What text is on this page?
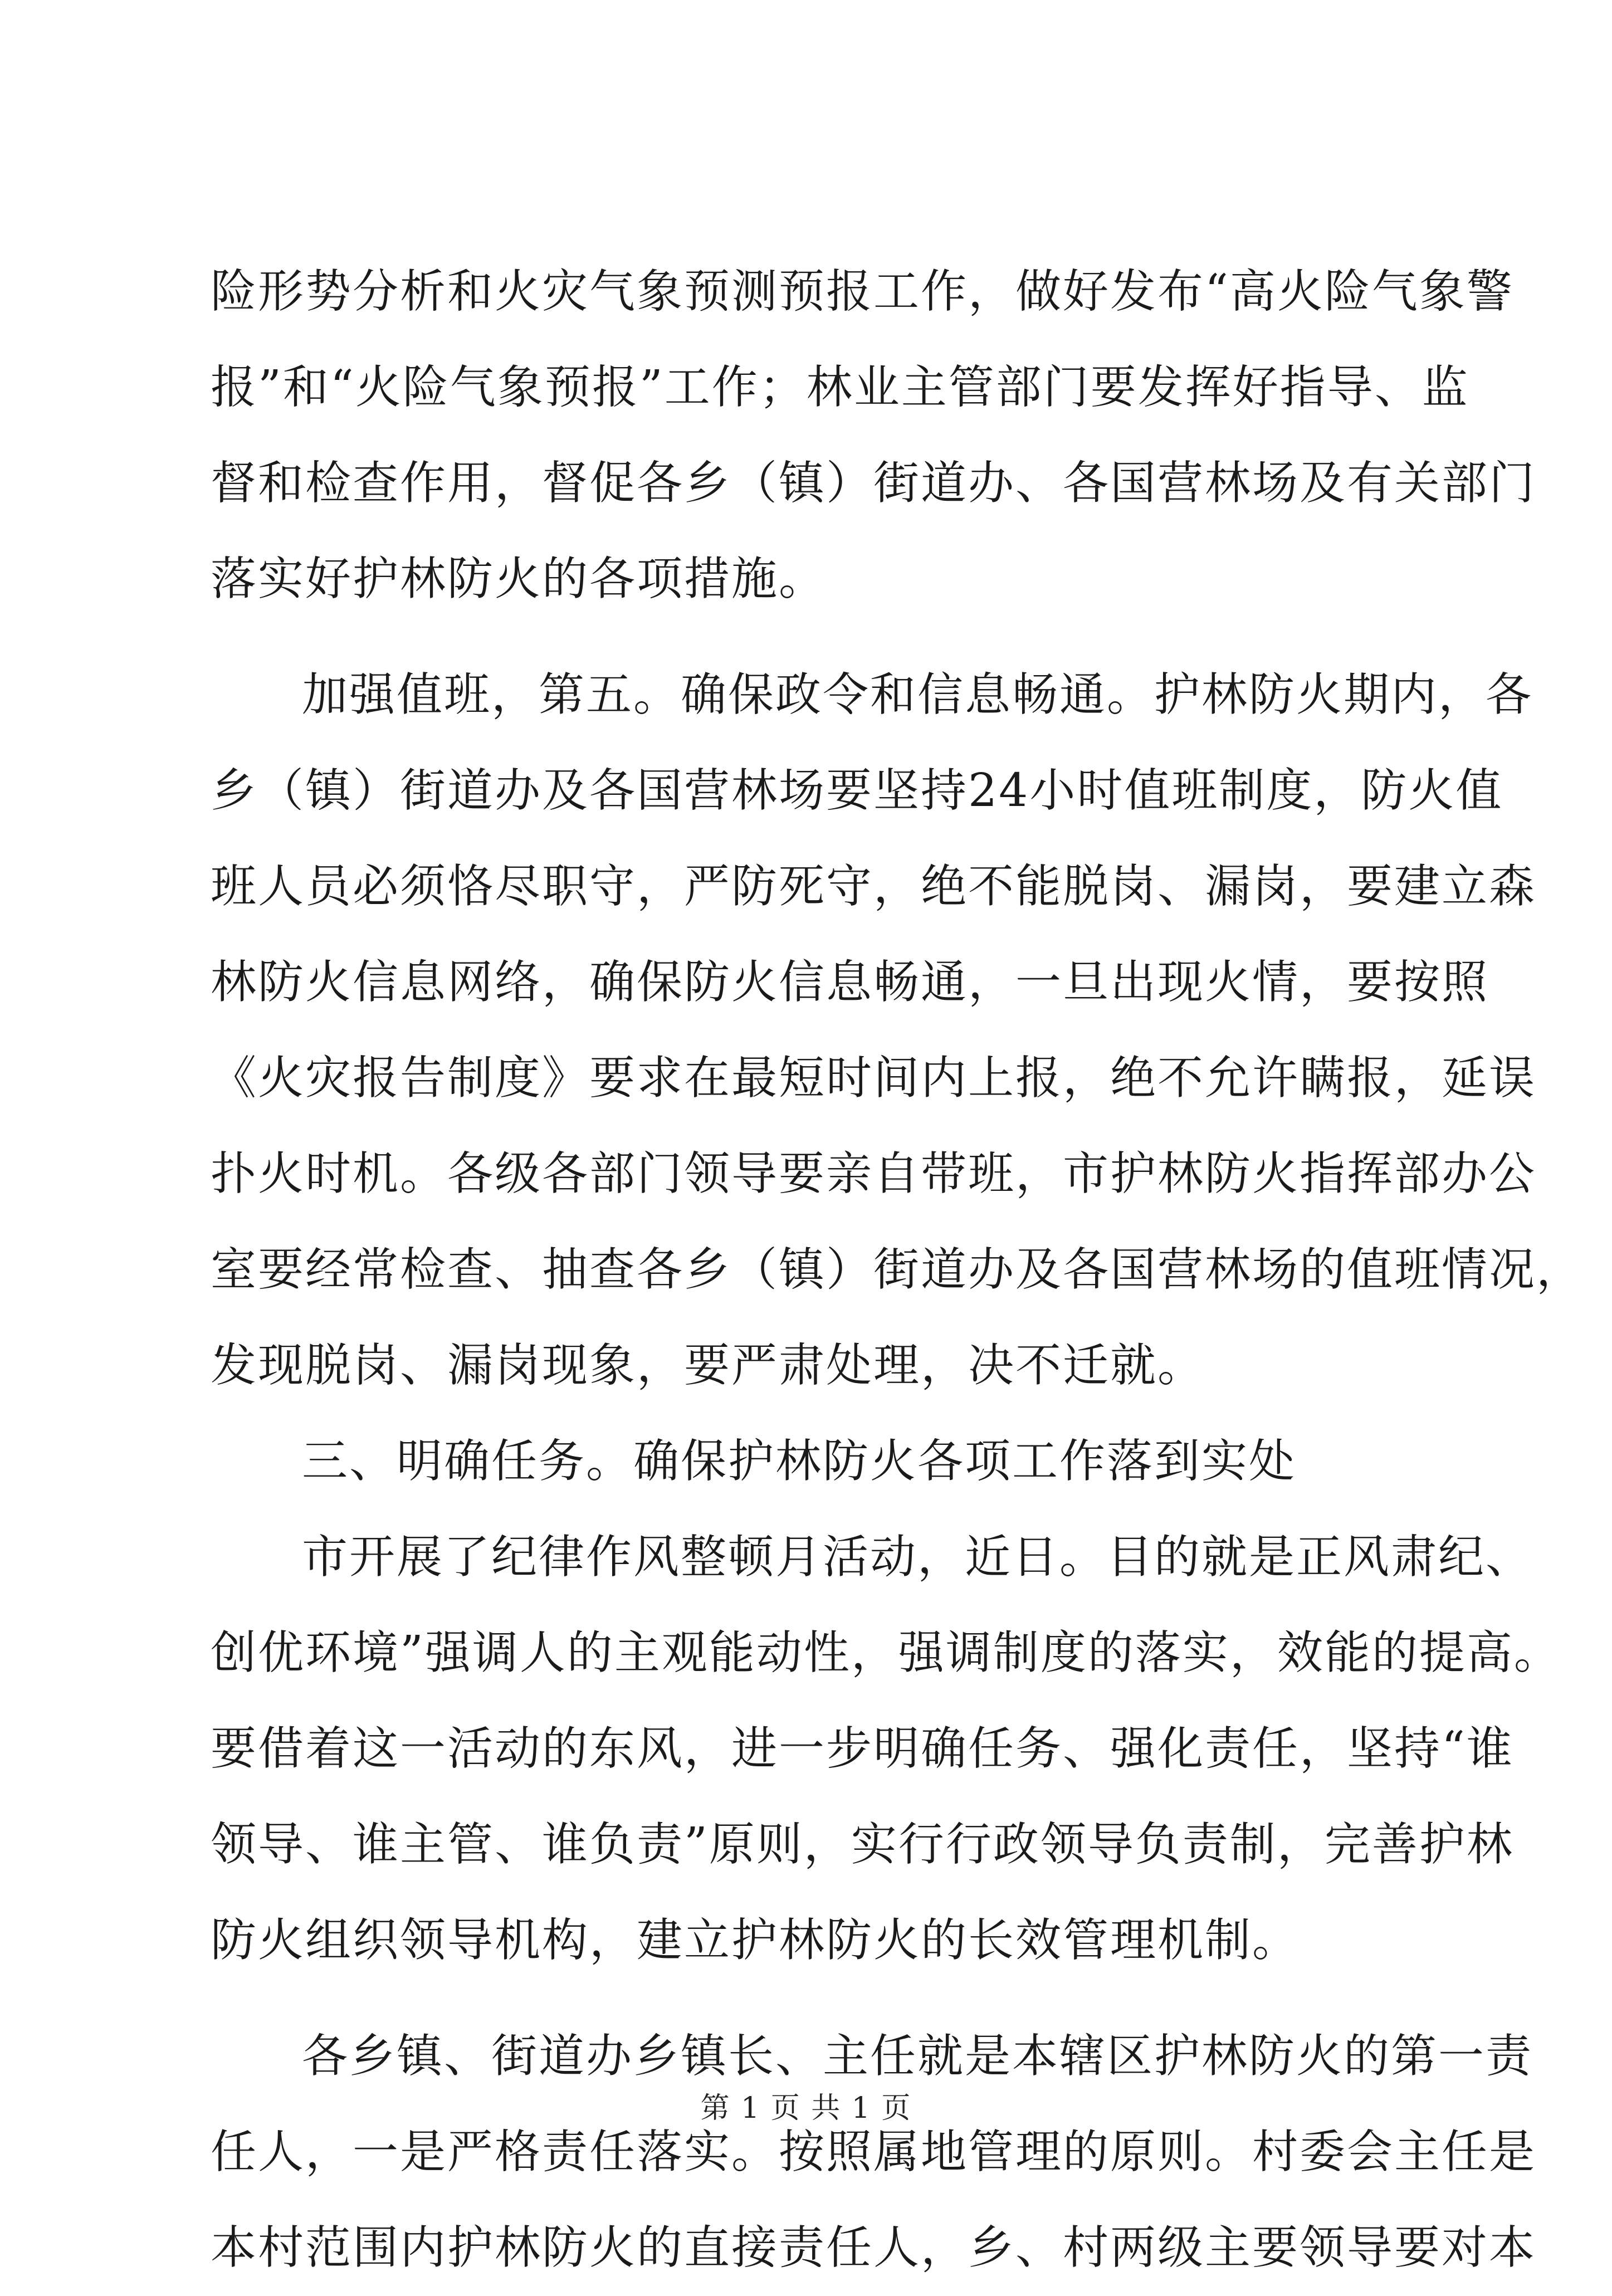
险形势分析和火灾气象预测预报工作，做好发布“高火险气象警
报”和“火险气象预报”工作；林业主管部门要发挥好指导、监
督和检查作用，督促各乡（镇）街道办、各国营林场及有关部门
落实好护林防火的各项措施。
加强值班，第五。确保政令和信息畅通。护林防火期内，各
乡（镇）街道办及各国营林场要坚持24小时值班制度，防火值
班人员必须恪尽职守，严防死守，绝不能脱岗、漏岗，要建立森
林防火信息网络，确保防火信息畅通，一旦出现火情，要按照
《火灾报告制度》要求在最短时间内上报，绝不允许瞒报，延误
扑火时机。各级各部门领导要亲自带班，市护林防火指挥部办公
室要经常检查、抽查各乡（镇）街道办及各国营林场的值班情况，
发现脱岗、漏岗现象，要严肃处理，决不迁就。
三、明确任务。确保护林防火各项工作落到实处
市开展了纪律作风整顿月活动，近日。目的就是正风肃纪、
创优环境”强调人的主观能动性，强调制度的落实，效能的提高。
要借着这一活动的东风，进一步明确任务、强化责任，坚持“谁
领导、谁主管、谁负责”原则，实行行政领导负责制，完善护林
防火组织领导机构，建立护林防火的长效管理机制。
各乡镇、街道办乡镇长、主任就是本辖区护林防火的第一责
任人，一是严格责任落实。按照属地管理的原则。村委会主任是
本村范围内护林防火的直接责任人，乡、村两级主要领导要对本
第 1 页 共 1 页
